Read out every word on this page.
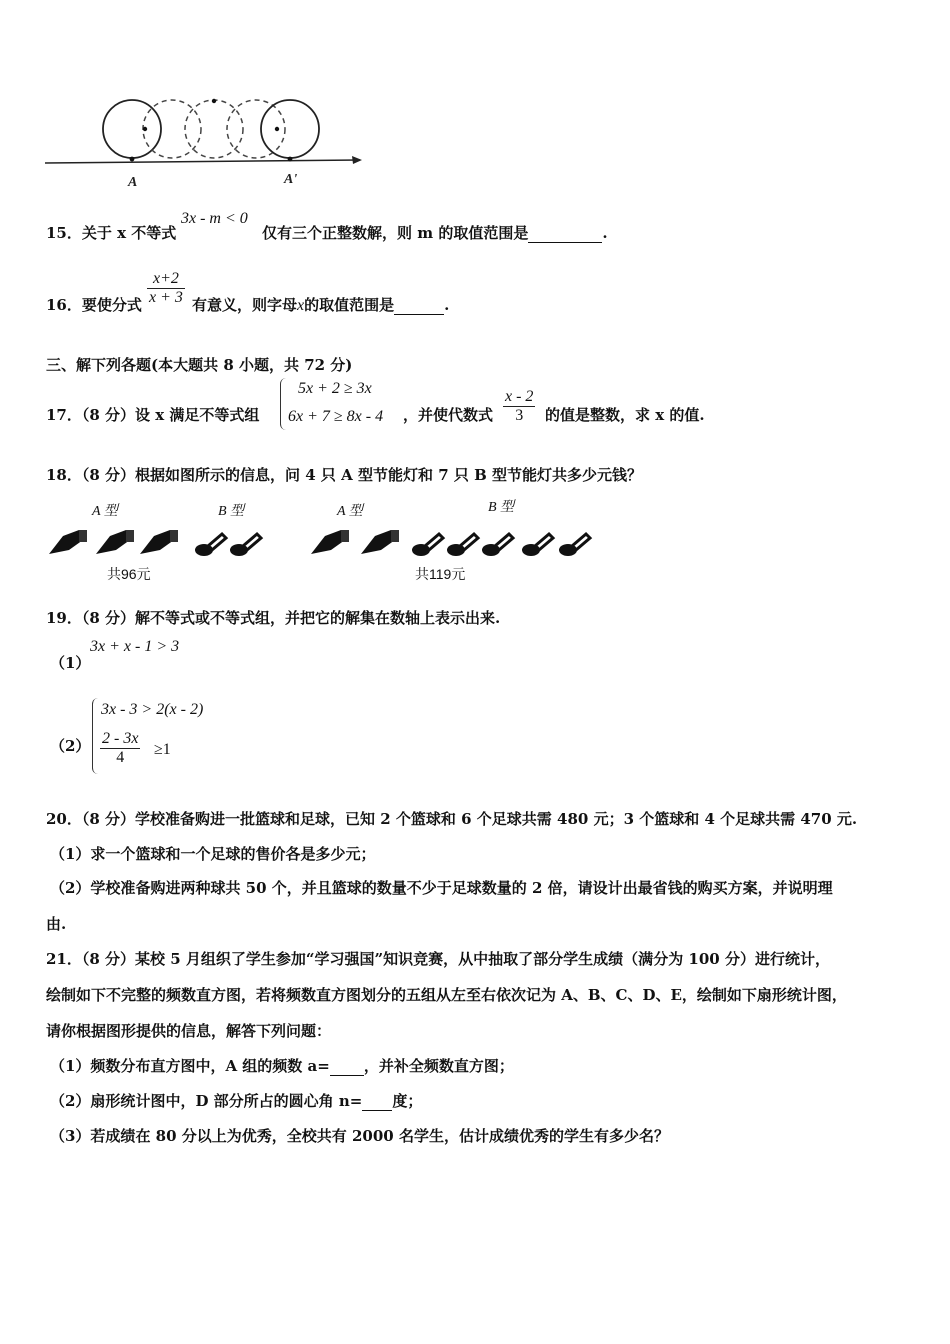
A	A'
15．关于 x 不等式
3x - m < 0
仅有三个正整数解，则 m 的取值范围是	.
16．要使分式 $\frac{x+2}{x + 3}$ 有意义，则字母x的取值范围是	.
三、解下列各题(本大题共 8 小题，共 72 分)
17．（8 分）设 x 满足不等式组
5x + 2 ≥ 3x
6x + 7 ≥ 8x - 4 ，并使代数式 $\frac{x - 2}{3}$ 的值是整数，求 x 的值.
18．（8 分）根据如图所示的信息，问 4 只 A 型节能灯和 7 只 B 型节能灯共多少元钱？
A 型	B 型
共96元
A 型	B 型
共119元
19．（8 分）解不等式或不等式组，并把它的解集在数轴上表示出来.
（1）
3x + x - 1 > 3
（2）
3x - 3 > 2(x - 2)
$\frac{2 - 3x}{4} \ge 1$
20．（8 分）学校准备购进一批篮球和足球，已知 2 个篮球和 6 个足球共需 480 元；3 个篮球和 4 个足球共需 470 元.
（1）求一个篮球和一个足球的售价各是多少元；
（2）学校准备购进两种球共 50 个，并且篮球的数量不少于足球数量的 2 倍，请设计出最省钱的购买方案，并说明理
由.
21．（8 分）某校 5 月组织了学生参加“学习强国”知识竞赛，从中抽取了部分学生成绩（满分为 100 分）进行统计，
绘制如下不完整的频数直方图，若将频数直方图划分的五组从左至右依次记为 A、B、C、D、E，绘制如下扇形统计图，
请你根据图形提供的信息，解答下列问题：
（1）频数分布直方图中，A 组的频数 a= ，并补全频数直方图；
（2）扇形统计图中，D 部分所占的圆心角 n= 度；
（3）若成绩在 80 分以上为优秀，全校共有 2000 名学生，估计成绩优秀的学生有多少名？
